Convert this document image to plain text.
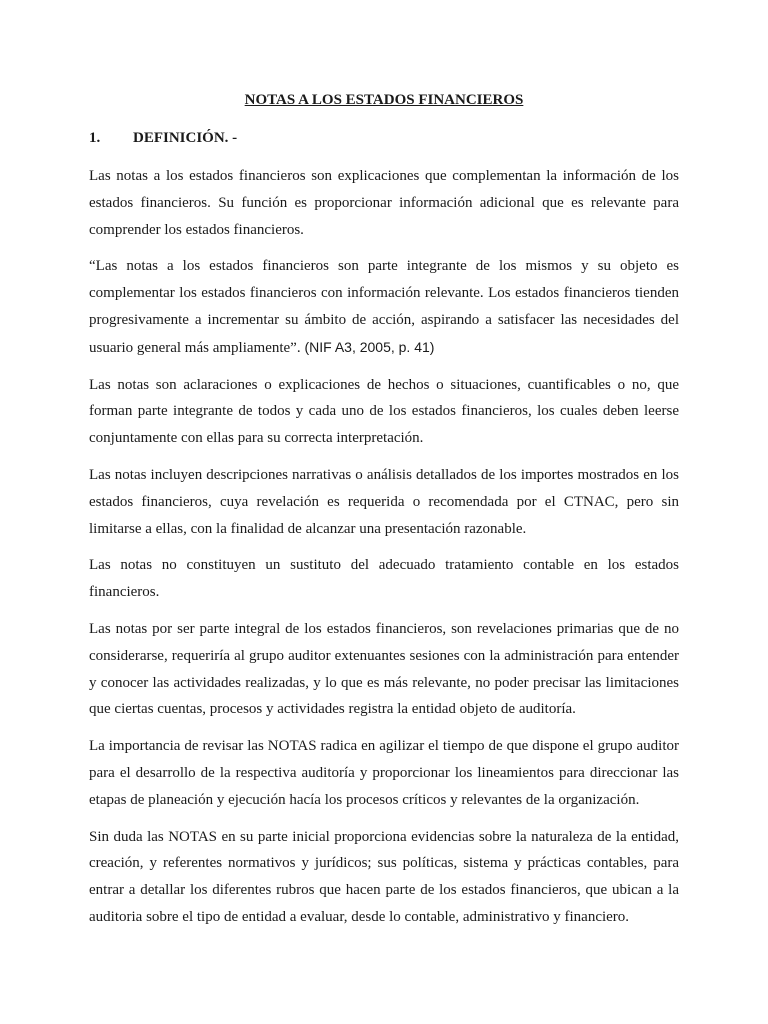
NOTAS A LOS ESTADOS FINANCIEROS
1. DEFINICIÓN. -

Las notas a los estados financieros son explicaciones que complementan la información de los estados financieros. Su función es proporcionar información adicional que es relevante para comprender los estados financieros.

“Las notas a los estados financieros son parte integrante de los mismos y su objeto es complementar los estados financieros con información relevante. Los estados financieros tienden progresivamente a incrementar su ámbito de acción, aspirando a satisfacer las necesidades del usuario general más ampliamente”. (NIF A3, 2005, p. 41)

Las notas son aclaraciones o explicaciones de hechos o situaciones, cuantificables o no, que forman parte integrante de todos y cada uno de los estados financieros, los cuales deben leerse conjuntamente con ellas para su correcta interpretación.

Las notas incluyen descripciones narrativas o análisis detallados de los importes mostrados en los estados financieros, cuya revelación es requerida o recomendada por el CTNAC, pero sin limitarse a ellas, con la finalidad de alcanzar una presentación razonable.

Las notas no constituyen un sustituto del adecuado tratamiento contable en los estados financieros.

Las notas por ser parte integral de los estados financieros, son revelaciones primarias que de no considerarse, requeriría al grupo auditor extenuantes sesiones con la administración para entender y conocer las actividades realizadas, y lo que es más relevante, no poder precisar las limitaciones que ciertas cuentas, procesos y actividades registra la entidad objeto de auditoría.

La importancia de revisar las NOTAS radica en agilizar el tiempo de que dispone el grupo auditor para el desarrollo de la respectiva auditoría y proporcionar los lineamientos para direccionar las etapas de planeación y ejecución hacía los procesos críticos y relevantes de la organización.

Sin duda las NOTAS en su parte inicial proporciona evidencias sobre la naturaleza de la entidad, creación, y referentes normativos y jurídicos; sus políticas, sistema y prácticas contables, para entrar a detallar los diferentes rubros que hacen parte de los estados financieros, que ubican a la auditoria sobre el tipo de entidad a evaluar, desde lo contable, administrativo y financiero.
